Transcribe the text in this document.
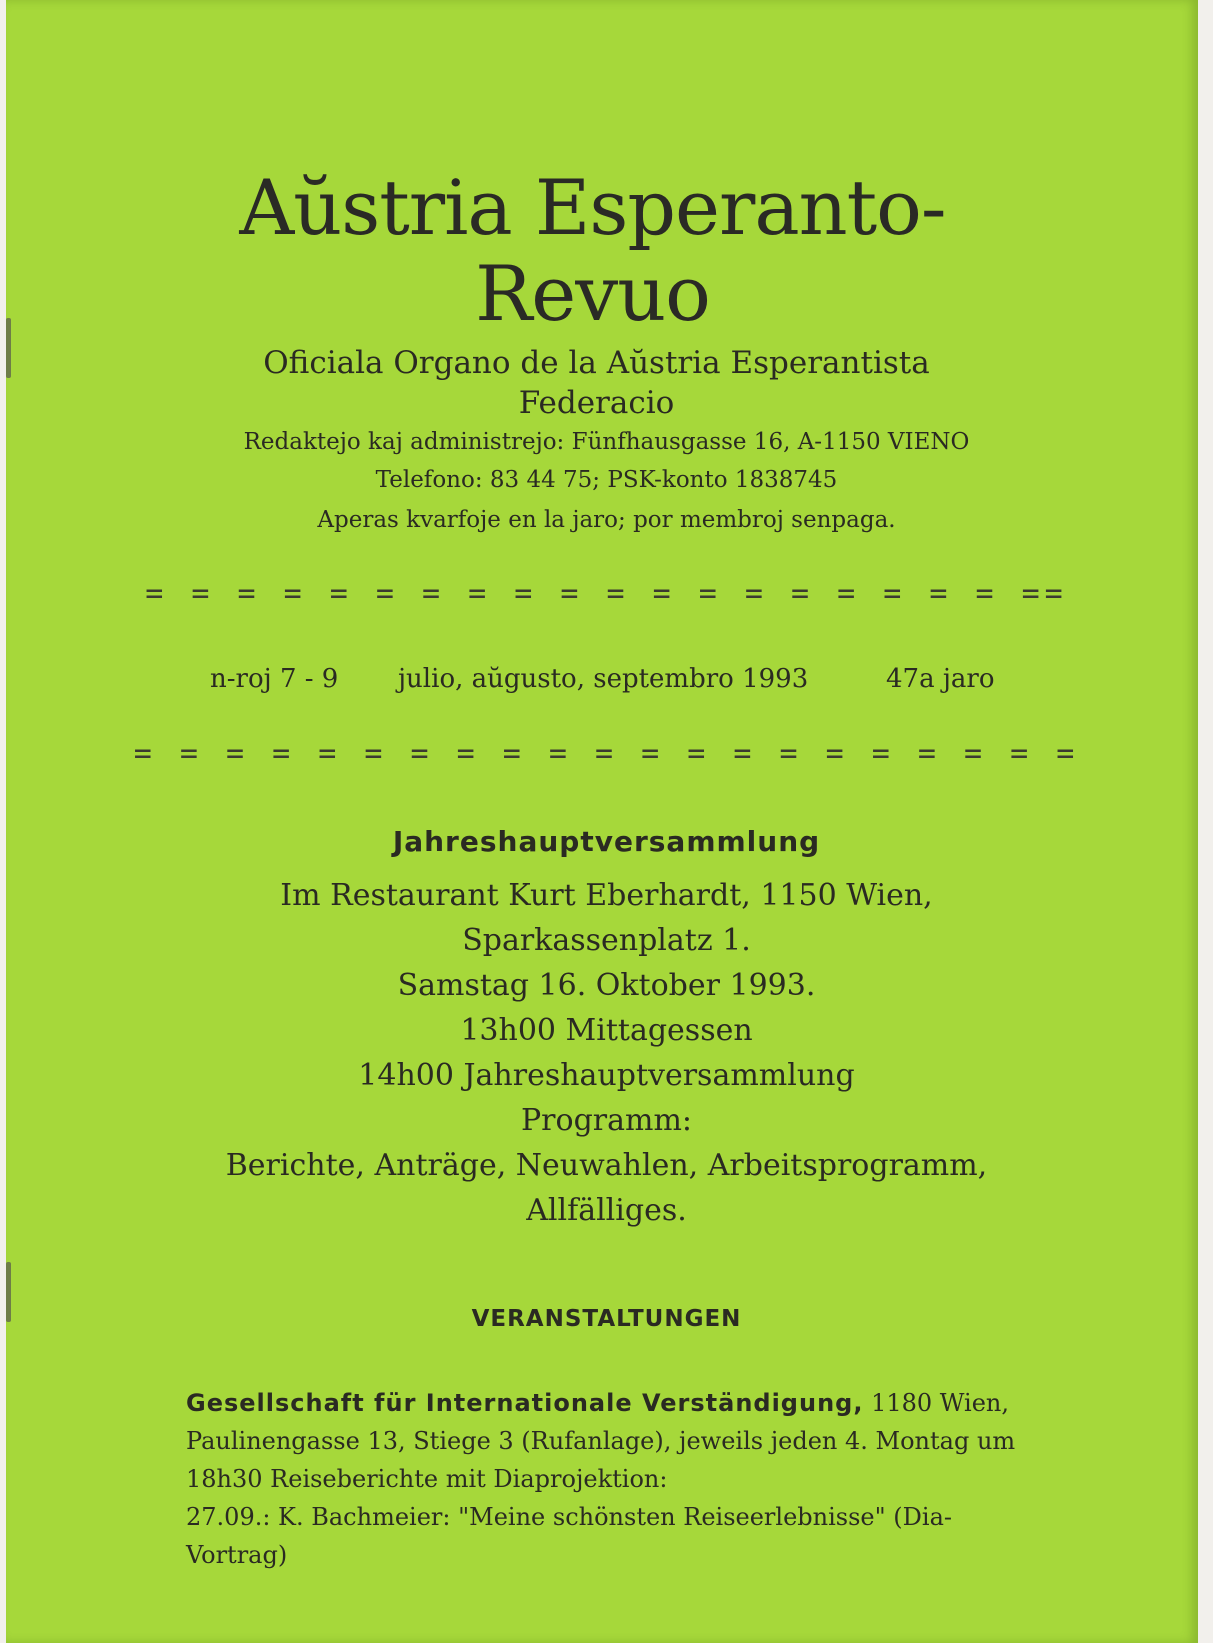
Aŭstria Esperanto-
Revuo
Oficiala Organo de la Aŭstria Esperantista
Federacio
Redaktejo kaj administrejo: Fünfhausgasse 16, A-1150 VIENO
Telefono: 83 44 75; PSK-konto 1838745
Aperas kvarfoje en la jaro; por membroj senpaga.
= = = = = = = = = = = = = = = = = = = ==
n-roj 7 - 9 julio, aŭgusto, septembro 1993	47a jaro
= = = = = = = = = = = = = = = = = = = = =
Jahreshauptversammlung
Im Restaurant Kurt Eberhardt, 1150 Wien,
Sparkassenplatz 1.
Samstag 16. Oktober 1993.
13h00 Mittagessen
14h00 Jahreshauptversammlung
Programm:
Berichte, Anträge, Neuwahlen, Arbeitsprogramm,
Allfälliges.
VERANSTALTUNGEN
Gesellschaft für Internationale Verständigung, 1180 Wien, Paulinengasse 13, Stiege 3 (Rufanlage), jeweils jeden 4. Montag um 18h30 Reiseberichte mit Diaprojektion:
27.09.: K. Bachmeier: "Meine schönsten Reiseerlebnisse" (Dia-Vortrag)
